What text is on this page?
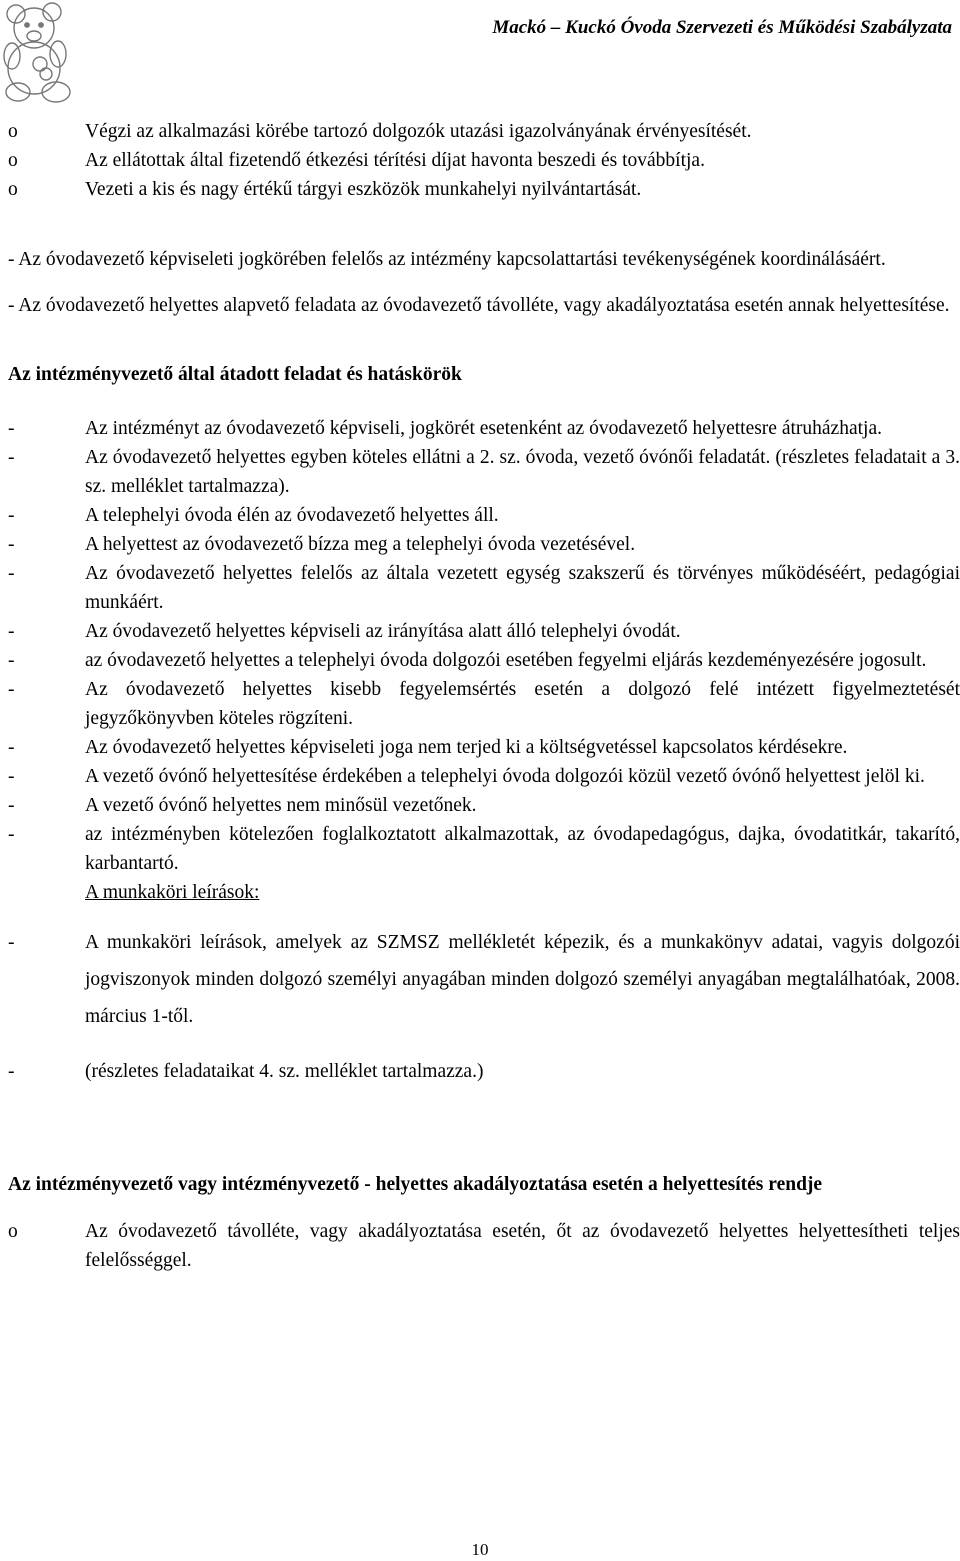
Mackó – Kuckó Óvoda Szervezeti és Működési Szabályzata
o	Végzi az alkalmazási körébe tartozó dolgozók utazási igazolványának érvényesítését.
o	Az ellátottak által fizetendő étkezési térítési díjat havonta beszedi és továbbítja.
o	Vezeti a kis és nagy értékű tárgyi eszközök munkahelyi nyilvántartását.

- Az óvodavezető képviseleti jogkörében felelős az intézmény kapcsolattartási tevékenységének koordinálásáért.

- Az óvodavezető helyettes alapvető feladata az óvodavezető távolléte, vagy akadályoztatása esetén annak helyettesítése.

Az intézményvezető által átadott feladat és hatáskörök

-	Az intézményt az óvodavezető képviseli, jogkörét esetenként az óvodavezető helyettesre átruházhatja.
-	Az óvodavezető helyettes egyben köteles ellátni a 2. sz. óvoda, vezető óvónői feladatát. (részletes feladatait a 3. sz. melléklet tartalmazza).
-	A telephelyi óvoda élén az óvodavezető helyettes áll.
-	A helyettest az óvodavezető bízza meg a telephelyi óvoda vezetésével.
-	Az óvodavezető helyettes felelős az általa vezetett egység szakszerű és törvényes működéséért, pedagógiai munkáért.
-	Az óvodavezető helyettes képviseli az irányítása alatt álló telephelyi óvodát.
-	az óvodavezető helyettes a telephelyi óvoda dolgozói esetében fegyelmi eljárás kezdeményezésére jogosult.
-	Az óvodavezető helyettes kisebb fegyelemsértés esetén a dolgozó felé intézett figyelmeztetését jegyzőkönyvben köteles rögzíteni.
-	Az óvodavezető helyettes képviseleti joga nem terjed ki a költségvetéssel kapcsolatos kérdésekre.
-	A vezető óvónő helyettesítése érdekében a telephelyi óvoda dolgozói közül vezető óvónő helyettest jelöl ki.
-	A vezető óvónő helyettes nem minősül vezetőnek.
-	az intézményben kötelezően foglalkoztatott alkalmazottak, az óvodapedagógus, dajka, óvodatitkár, takarító, karbantartó.
A munkaköri leírások:
-	A munkaköri leírások, amelyek az SZMSZ mellékletét képezik, és a munkakönyv adatai, vagyis dolgozói jogviszonyok minden dolgozó személyi anyagában minden dolgozó személyi anyagában megtalálhatóak, 2008. március 1-től.
-	(részletes feladataikat 4. sz. melléklet tartalmazza.)

Az intézményvezető vagy intézményvezető - helyettes akadályoztatása esetén a helyettesítés rendje

o	Az óvodavezető távolléte, vagy akadályoztatása esetén, őt az óvodavezető helyettes helyettesítheti teljes felelősséggel.
10
